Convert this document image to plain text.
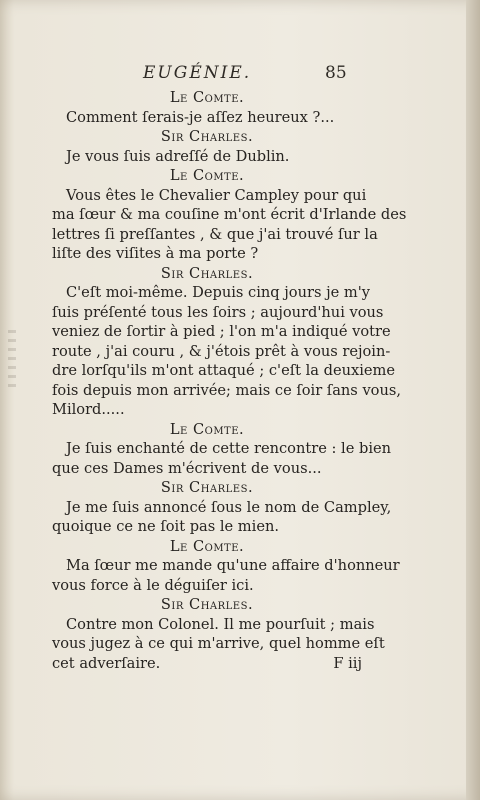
EUGÉNIE.	85
Le Comte.
Comment ſerais-je aſſez heureux ?...
Sir Charles.
Je vous ſuis adreſſé de Dublin.
Le Comte.
Vous êtes le Chevalier Campley pour qui
ma ſœur & ma couſine m'ont écrit d'Irlande des
lettres ſi preſſantes , & que j'ai trouvé ſur la
liſte des viſites à ma porte ?
Sir Charles.
C'eſt moi-même. Depuis cinq jours je m'y
ſuis préſenté tous les ſoirs ; aujourd'hui vous
veniez de ſortir à pied ; l'on m'a indiqué votre
route , j'ai couru , & j'étois prêt à vous rejoin-
dre lorſqu'ils m'ont attaqué ; c'eſt la deuxieme
fois depuis mon arrivée; mais ce ſoir ſans vous,
Milord.....
Le Comte.
Je ſuis enchanté de cette rencontre : le bien
que ces Dames m'écrivent de vous...
Sir Charles.
Je me ſuis annoncé ſous le nom de Campley,
quoique ce ne ſoit pas le mien.
Le Comte.
Ma ſœur me mande qu'une affaire d'honneur
vous force à le déguiſer ici.
Sir Charles.
Contre mon Colonel. Il me pourſuit ; mais
vous jugez à ce qui m'arrive, quel homme eſt
cet adverſaire.	F iij
